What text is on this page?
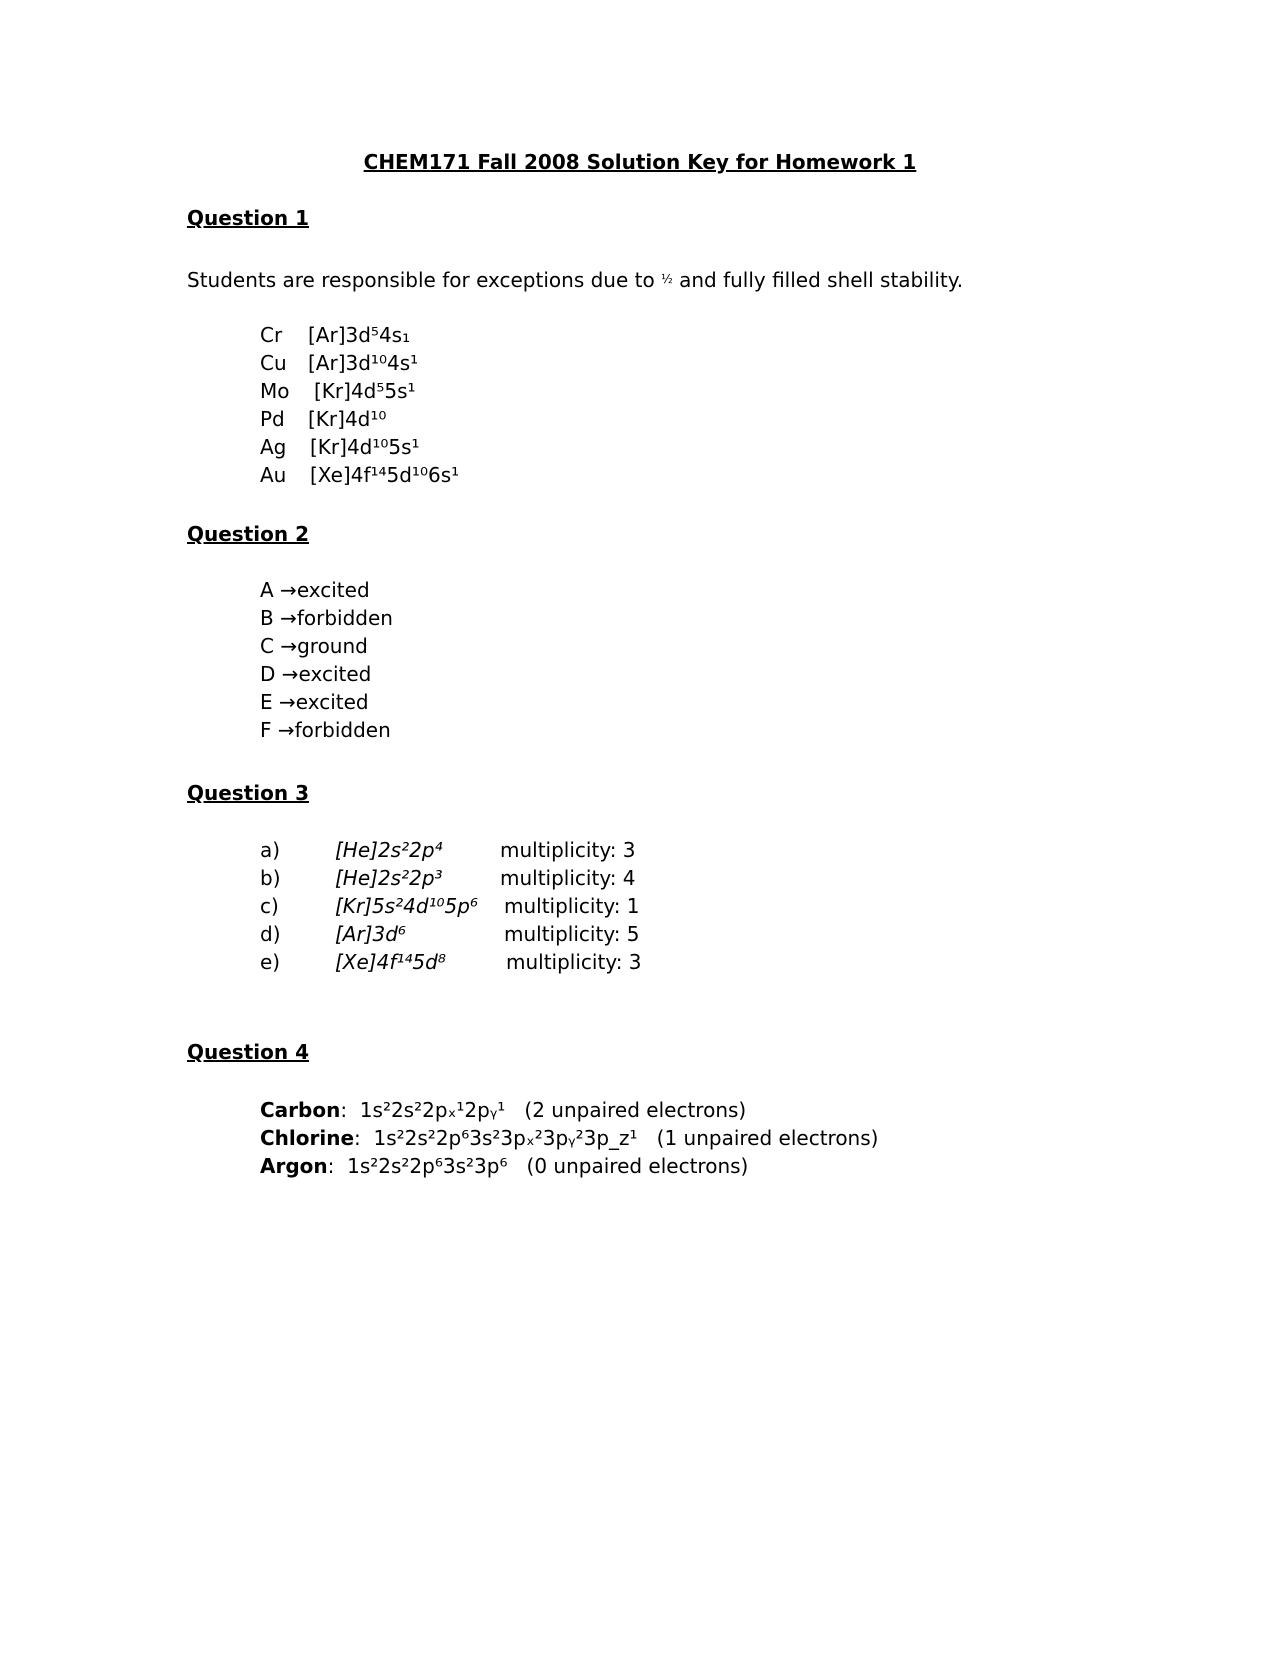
CHEM171 Fall 2008 Solution Key for Homework 1
Question 1
Students are responsible for exceptions due to $^{\frac{1}{2}}$ and fully filled shell stability.
Cr [Ar]3d⁵4s₁
Cu [Ar]3d¹⁰4s¹
Mo [Kr]4d⁵5s¹
Pd [Kr]4d¹⁰
Ag [Kr]4d¹⁰5s¹
Au [Xe]4f¹⁴5d¹⁰6s¹
Question 2
A →excited
B →forbidden
C →ground
D →excited
E →excited
F →forbidden
Question 3
a)	[He]2s²2p⁴	multiplicity: 3
b)	[He]2s²2p³	multiplicity: 4
c)	[Kr]5s²4d¹⁰5p⁶ multiplicity: 1
d)	[Ar]3d⁶	multiplicity: 5
e)	[Xe]4f¹⁴5d⁸	multiplicity: 3
Question 4
Carbon:  1s²2s²2pₓ¹2pᵧ¹ (2 unpaired electrons)
Chlorine:  1s²2s²2p⁶3s²3pₓ²3pᵧ²3p_z¹ (1 unpaired electrons)
Argon:  1s²2s²2p⁶3s²3p⁶ (0 unpaired electrons)
